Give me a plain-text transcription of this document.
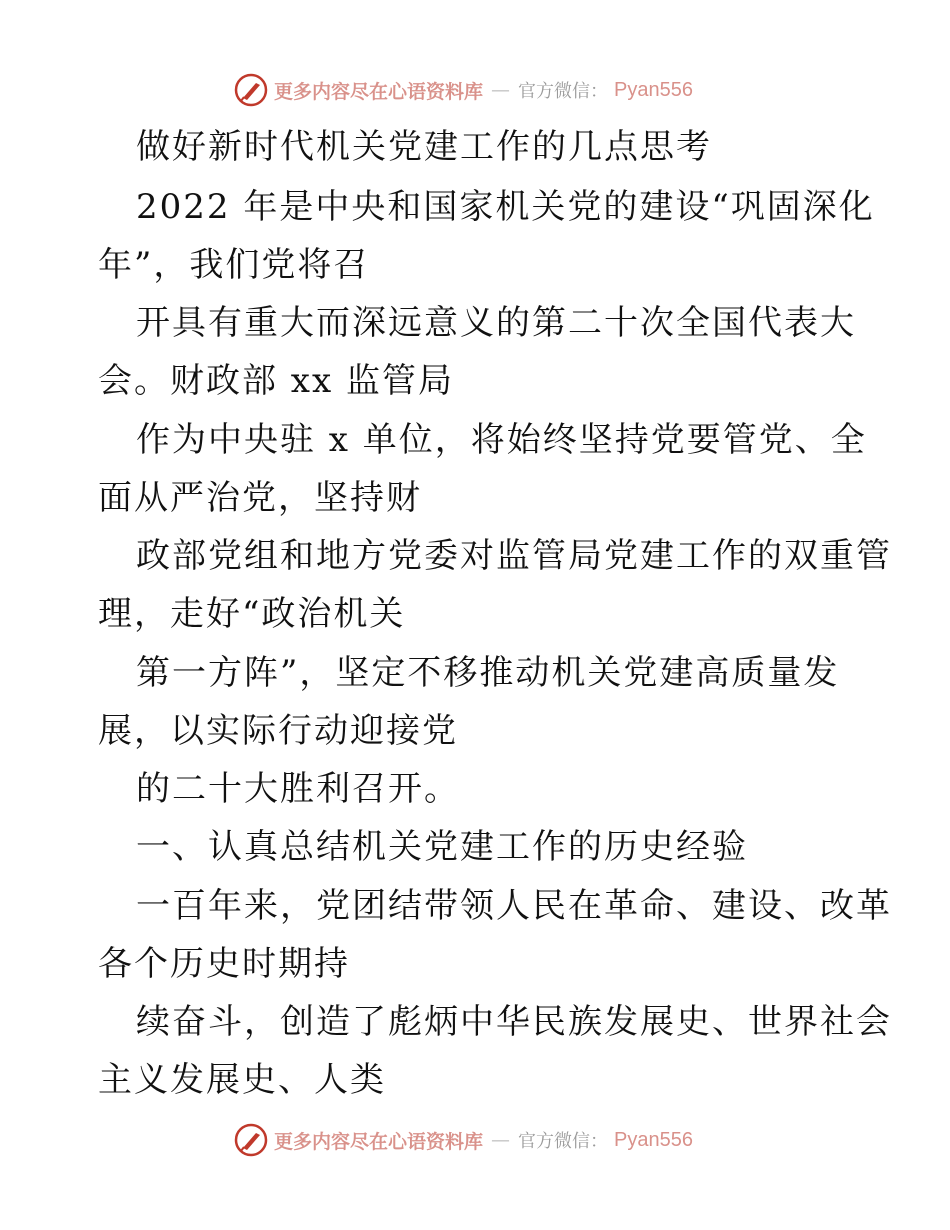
更多内容尽在心语资料库 — 官方微信： Pyan556

做好新时代机关党建工作的几点思考

2022 年是中央和国家机关党的建设“巩固深化

年”，我们党将召

开具有重大而深远意义的第二十次全国代表大

会。财政部 xx 监管局

作为中央驻 x 单位，将始终坚持党要管党、全

面从严治党，坚持财

政部党组和地方党委对监管局党建工作的双重管

理，走好“政治机关

第一方阵”，坚定不移推动机关党建高质量发

展，以实际行动迎接党

的二十大胜利召开。

一、认真总结机关党建工作的历史经验

一百年来，党团结带领人民在革命、建设、改革

各个历史时期持

续奋斗，创造了彪炳中华民族发展史、世界社会

主义发展史、人类

更多内容尽在心语资料库 — 官方微信： Pyan556
